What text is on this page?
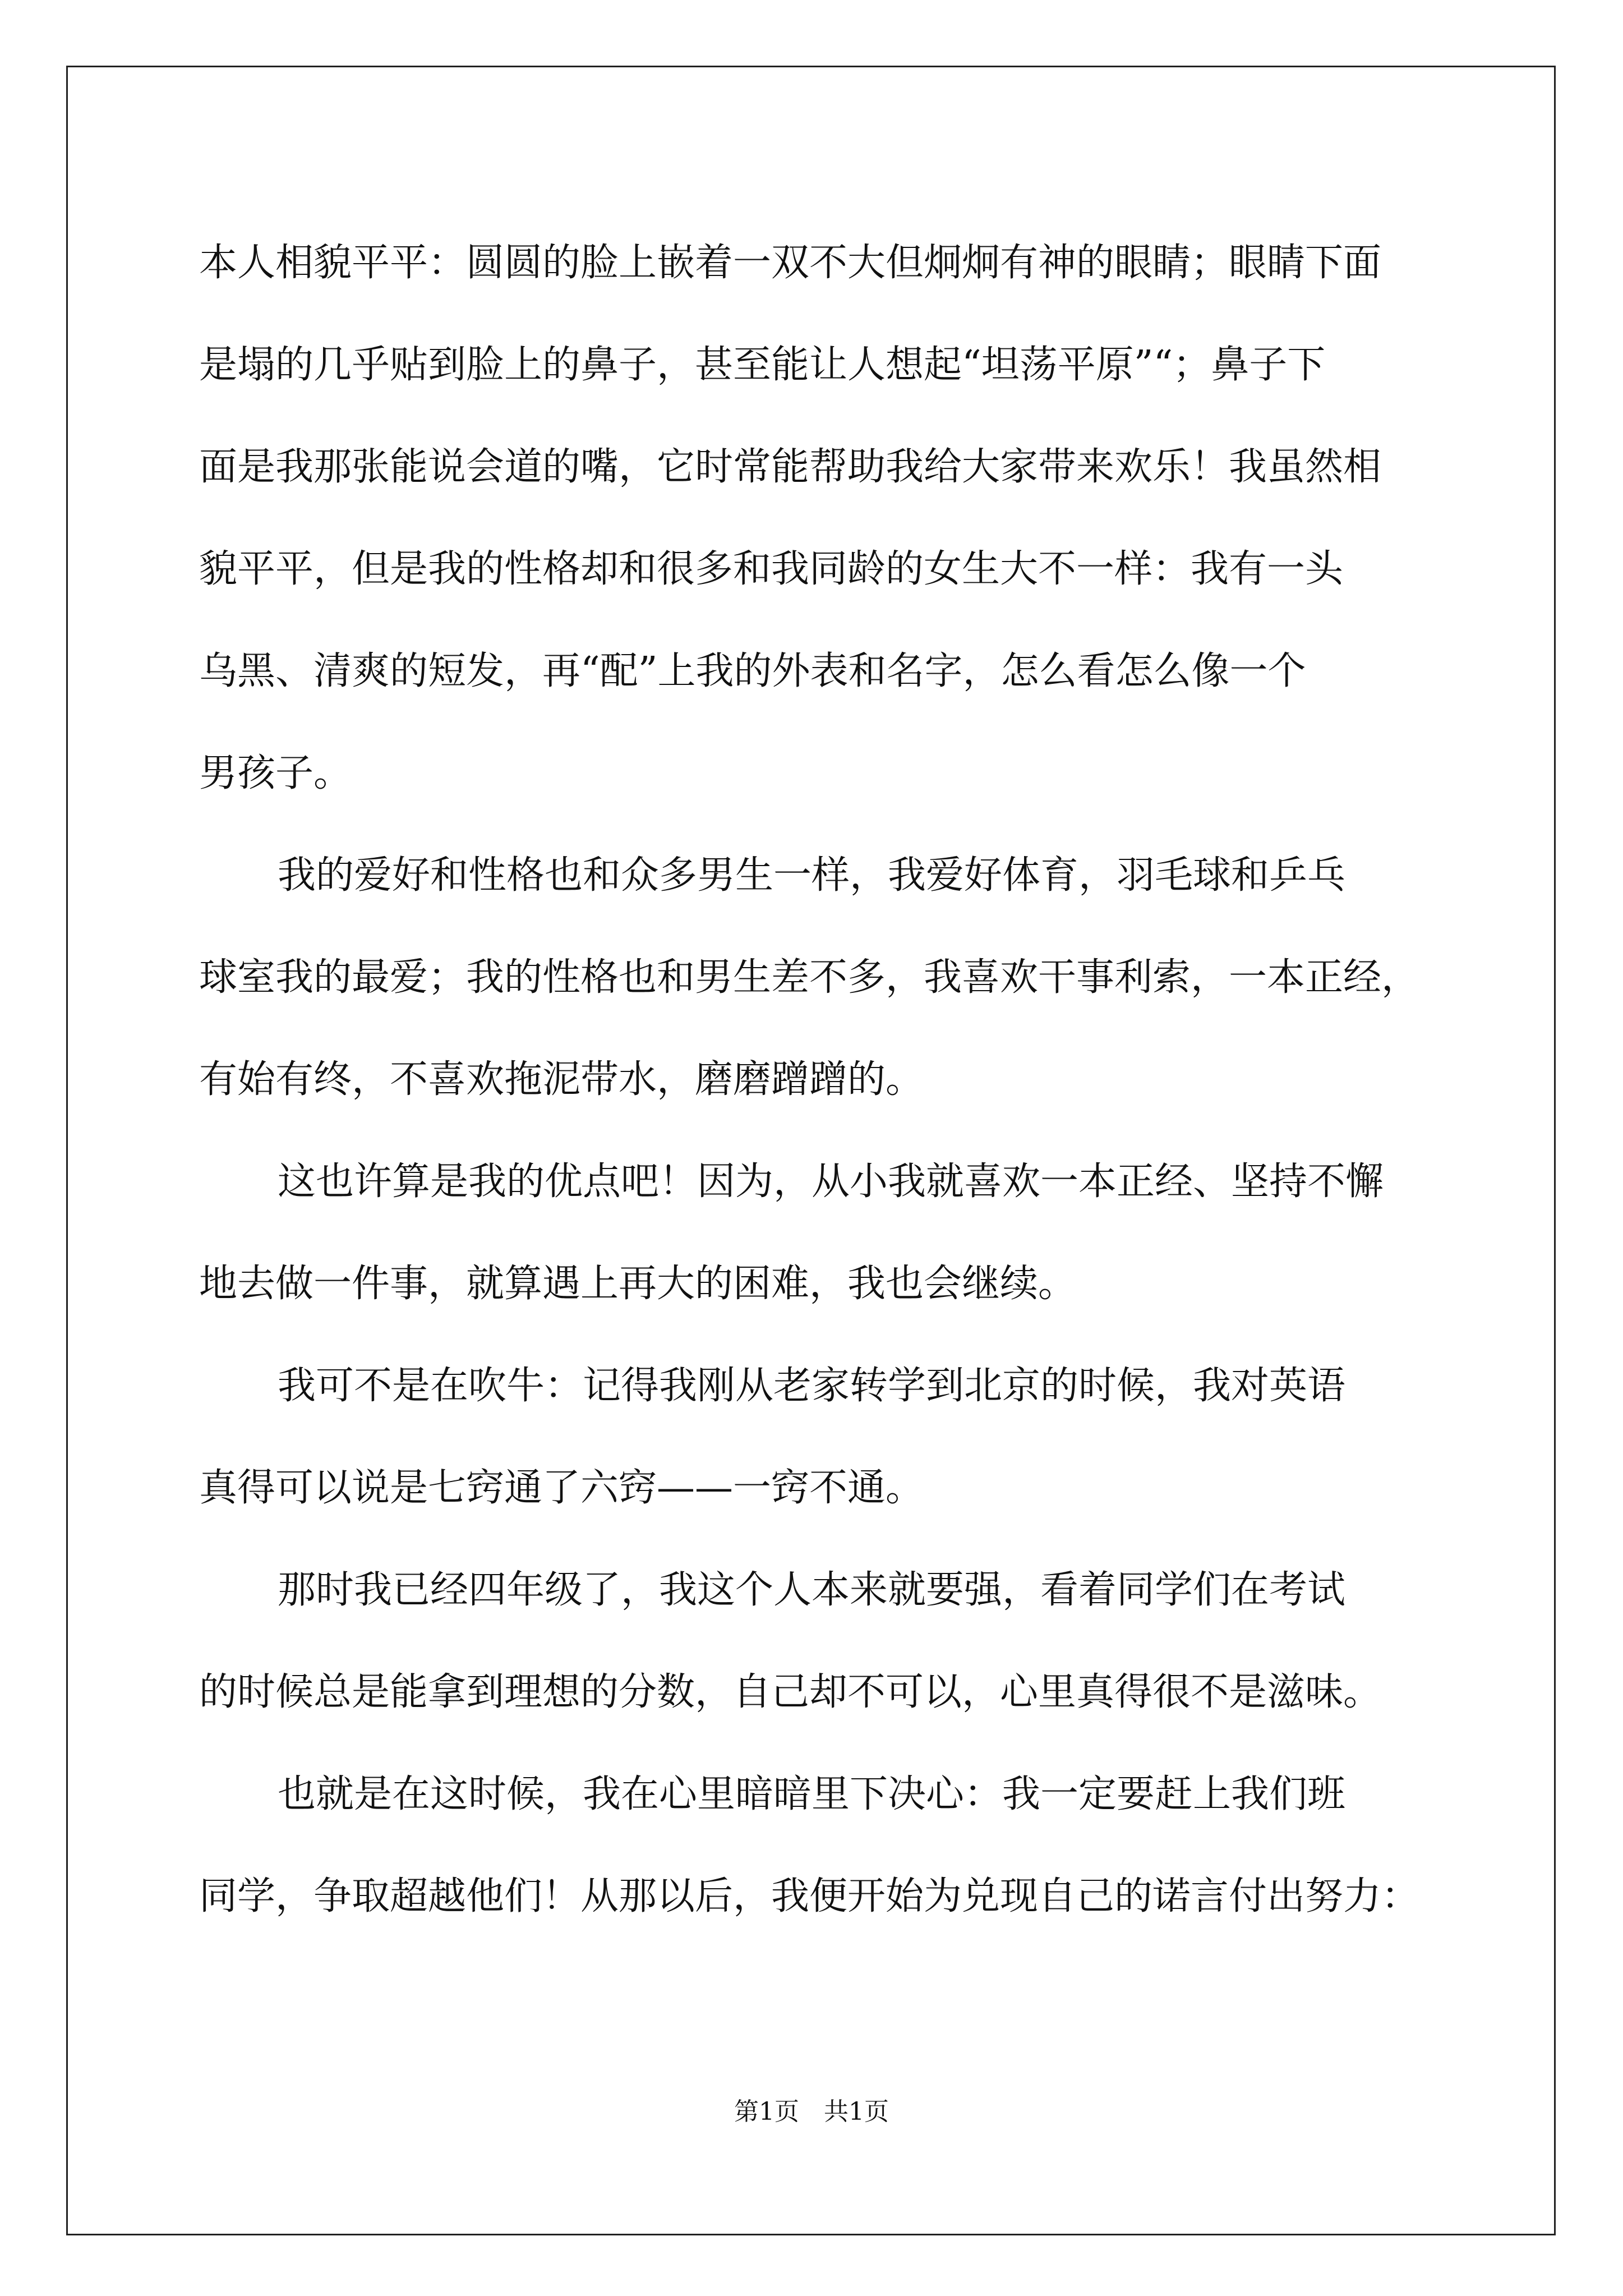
本人相貌平平：圆圆的脸上嵌着一双不大但炯炯有神的眼睛；眼睛下面
是塌的几乎贴到脸上的鼻子，甚至能让人想起“坦荡平原”“；鼻子下
面是我那张能说会道的嘴，它时常能帮助我给大家带来欢乐！我虽然相
貌平平，但是我的性格却和很多和我同龄的女生大不一样：我有一头
乌黑、清爽的短发，再“配”上我的外表和名字，怎么看怎么像一个
男孩子。
我的爱好和性格也和众多男生一样，我爱好体育，羽毛球和乒乓
球室我的最爱；我的性格也和男生差不多，我喜欢干事利索，一本正经，
有始有终，不喜欢拖泥带水，磨磨蹭蹭的。
这也许算是我的优点吧！因为，从小我就喜欢一本正经、坚持不懈
地去做一件事，就算遇上再大的困难，我也会继续。
我可不是在吹牛：记得我刚从老家转学到北京的时候，我对英语
真得可以说是七窍通了六窍——一窍不通。
那时我已经四年级了，我这个人本来就要强，看着同学们在考试
的时候总是能拿到理想的分数，自己却不可以，心里真得很不是滋味。
也就是在这时候，我在心里暗暗里下决心：我一定要赶上我们班
同学，争取超越他们！从那以后，我便开始为兑现自己的诺言付出努力：
第1页　共1页
